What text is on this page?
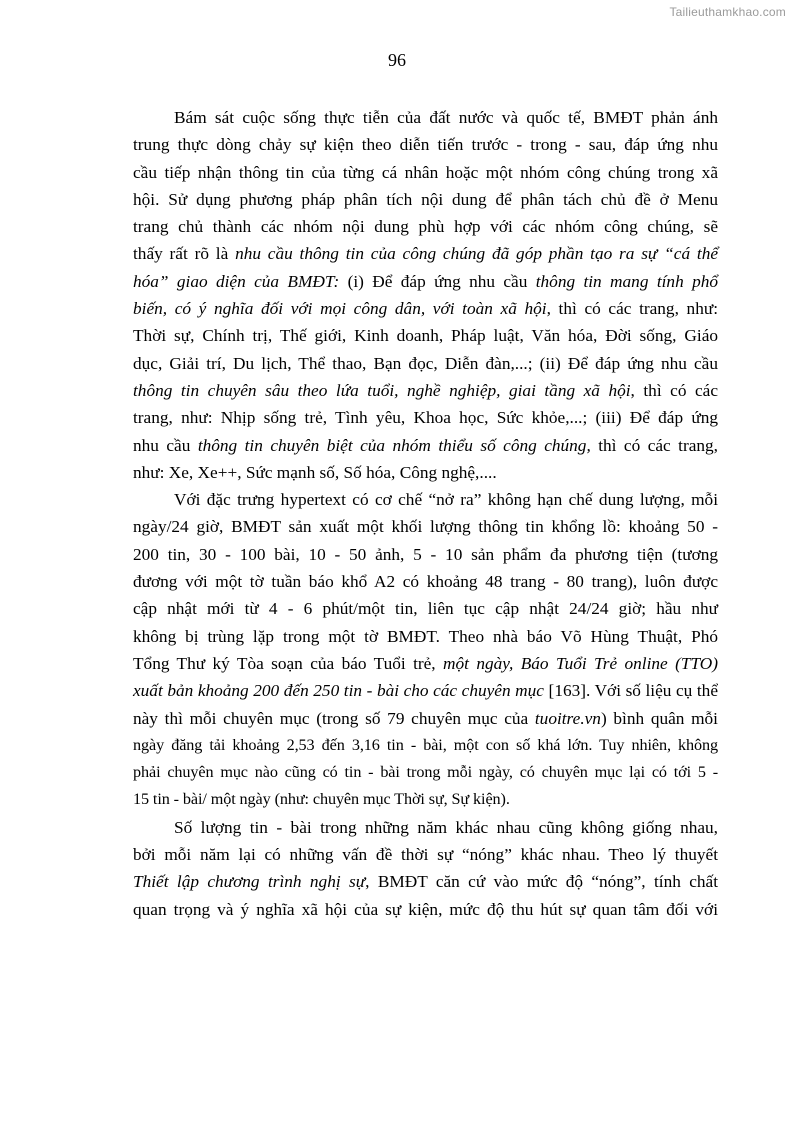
Tailieuthamkhao.com
96
Bám sát cuộc sống thực tiễn của đất nước và quốc tế, BMĐT phản ánh
trung thực dòng chảy sự kiện theo diễn tiến trước - trong - sau, đáp ứng nhu
cầu tiếp nhận thông tin của từng cá nhân hoặc một nhóm công chúng trong xã
hội. Sử dụng phương pháp phân tích nội dung để phân tách chủ đề ở Menu
trang chủ thành các nhóm nội dung phù hợp với các nhóm công chúng, sẽ
thấy rất rõ là nhu cầu thông tin của công chúng đã góp phần tạo ra sự “cá thể
hóa” giao diện của BMĐT: (i) Để đáp ứng nhu cầu thông tin mang tính phổ
biến, có ý nghĩa đối với mọi công dân, với toàn xã hội, thì có các trang, như:
Thời sự, Chính trị, Thế giới, Kinh doanh, Pháp luật, Văn hóa, Đời sống, Giáo
dục, Giải trí, Du lịch, Thể thao, Bạn đọc, Diễn đàn,...; (ii) Để đáp ứng nhu cầu
thông tin chuyên sâu theo lứa tuổi, nghề nghiệp, giai tầng xã hội, thì có các
trang, như: Nhịp sống trẻ, Tình yêu, Khoa học, Sức khỏe,...; (iii) Để đáp ứng
nhu cầu thông tin chuyên biệt của nhóm thiểu số công chúng, thì có các trang,
như: Xe, Xe++, Sức mạnh số, Số hóa, Công nghệ,....
Với đặc trưng hypertext có cơ chế “nở ra” không hạn chế dung lượng, mỗi
ngày/24 giờ, BMĐT sản xuất một khối lượng thông tin khổng lồ: khoảng 50 -
200 tin, 30 - 100 bài, 10 - 50 ảnh, 5 - 10 sản phẩm đa phương tiện (tương
đương với một tờ tuần báo khổ A2 có khoảng 48 trang - 80 trang), luôn được
cập nhật mới từ 4 - 6 phút/một tin, liên tục cập nhật 24/24 giờ; hầu như
không bị trùng lặp trong một tờ BMĐT. Theo nhà báo Võ Hùng Thuật, Phó
Tổng Thư ký Tòa soạn của báo Tuổi trẻ, một ngày, Báo Tuổi Trẻ online (TTO)
xuất bản khoảng 200 đến 250 tin - bài cho các chuyên mục [163]. Với số liệu cụ thể
này thì mỗi chuyên mục (trong số 79 chuyên mục của tuoitre.vn) bình quân mỗi
ngày đăng tải khoảng 2,53 đến 3,16 tin - bài, một con số khá lớn. Tuy nhiên, không
phải chuyên mục nào cũng có tin - bài trong mỗi ngày, có chuyên mục lại có tới 5 -
15 tin - bài/ một ngày (như: chuyên mục Thời sự, Sự kiện).
Số lượng tin - bài trong những năm khác nhau cũng không giống nhau,
bởi mỗi năm lại có những vấn đề thời sự “nóng” khác nhau. Theo lý thuyết
Thiết lập chương trình nghị sự, BMĐT căn cứ vào mức độ “nóng”, tính chất
quan trọng và ý nghĩa xã hội của sự kiện, mức độ thu hút sự quan tâm đối với
